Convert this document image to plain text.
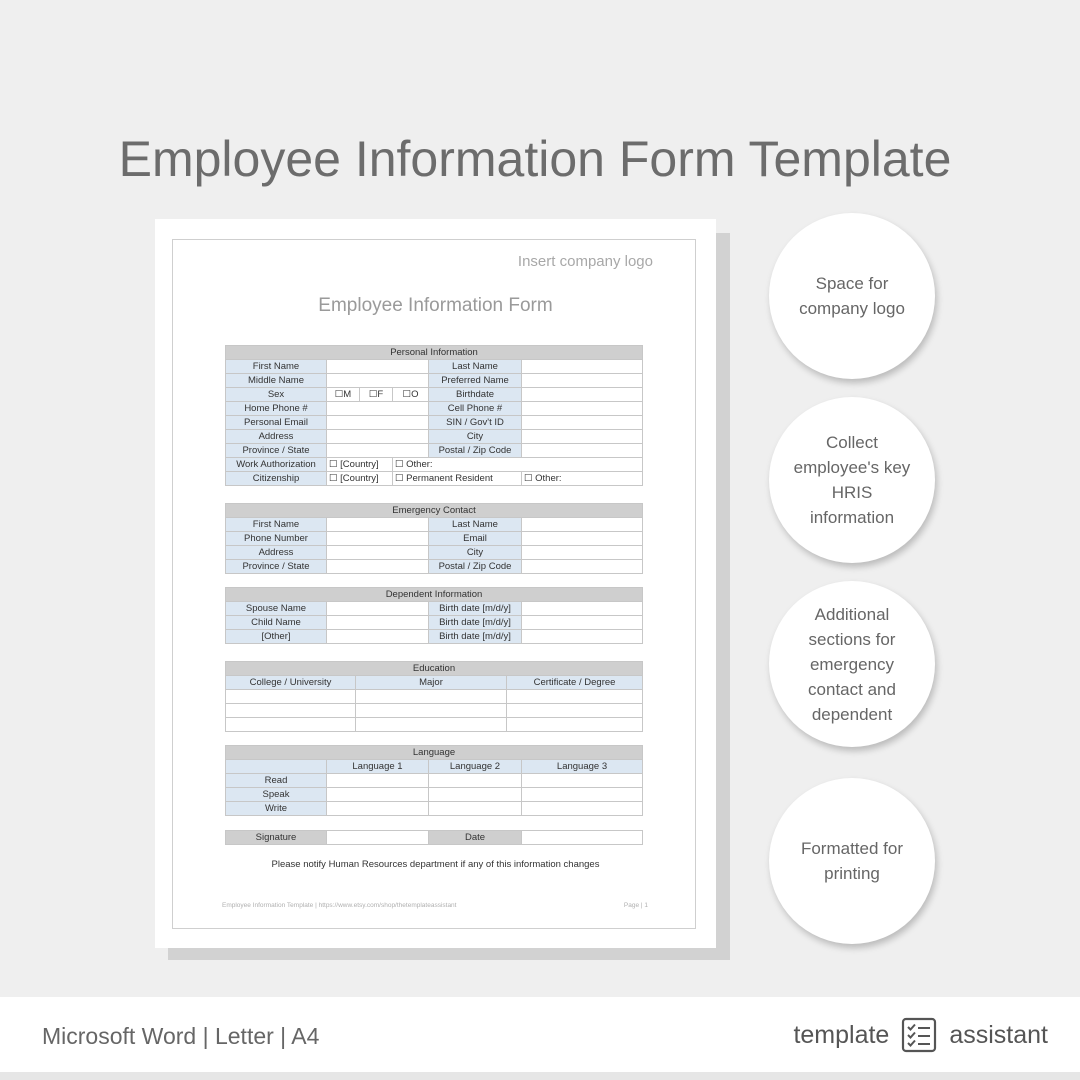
Employee Information Form Template
Insert company logo
Employee Information Form
Personal Information					
First Name				Last Name	
Middle Name				Preferred Name	
Sex	☐M	☐F	☐O	Birthdate	
Home Phone #				Cell Phone #	
Personal Email				SIN / Gov't ID	
Address				City	
Province / State				Postal / Zip Code	
Work Authorization	☐ [Country]		☐ Other:		
Citizenship	☐ [Country]		☐ Permanent Resident		☐ Other:
Emergency Contact			
First Name		Last Name	
Phone Number		Email	
Address		City	
Province / State		Postal / Zip Code	
Dependent Information			
Spouse Name		Birth date [m/d/y]	
Child Name		Birth date [m/d/y]	
[Other]		Birth date [m/d/y]	
Education		
College / University	Major	Certificate / Degree

Language			
	Language 1	Language 2	Language 3
Read			
Speak			
Write			
Signature		Date	
Please notify Human Resources department if any of this information changes
Employee Information Template | https://www.etsy.com/shop/thetemplateassistant	Page | 1
Space for company logo
Collect employee's key HRIS information
Additional sections for emergency contact and dependent
Formatted for printing
Microsoft Word | Letter | A4	template assistant
